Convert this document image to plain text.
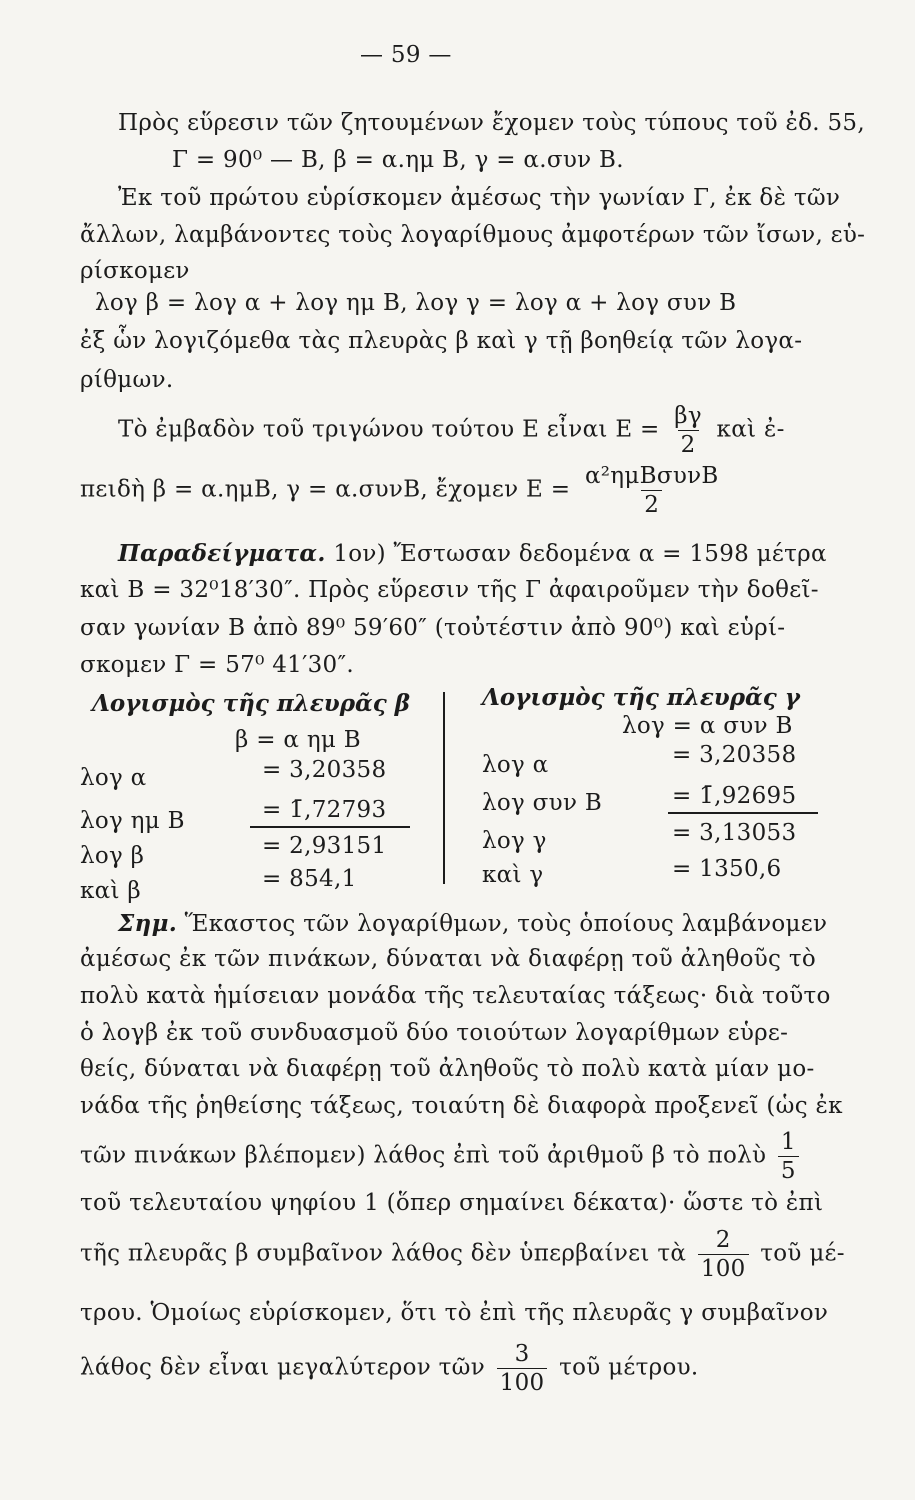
— 59 —
Πρὸς εὕρεσιν τῶν ζητουμένων ἔχομεν τοὺς τύπους τοῦ ἐδ. 55,
Γ = 90⁰ — Β, β = α.ημ Β, γ = α.συν Β.
Ἐκ τοῦ πρώτου εὑρίσκομεν ἀμέσως τὴν γωνίαν Γ, ἐκ δὲ τῶν
ἄλλων, λαμβάνοντες τοὺς λογαρίθμους ἀμφοτέρων τῶν ἴσων, εὑ-
ρίσκομεν
λογ β = λογ α + λογ ημ Β, λογ γ = λογ α + λογ συν Β
ἐξ ὧν λογιζόμεθα τὰς πλευρὰς β καὶ γ τῇ βοηθείᾳ τῶν λογα-
ρίθμων.
Τὸ ἐμβαδὸν τοῦ τριγώνου τούτου Ε εἶναι $E = \frac{\beta\gamma}{2}$ καὶ ἐ-
πειδὴ β = α.ημΒ, γ = α.συνΒ, ἔχομεν $E = \frac{\text{α²ημΒσυνΒ}}{2}$
Παραδείγματα. 1ον) Ἔστωσαν δεδομένα α = 1598 μέτρα
καὶ Β = 32⁰18′30″. Πρὸς εὕρεσιν τῆς Γ ἀφαιροῦμεν τὴν δοθεῖ-
σαν γωνίαν Β ἀπὸ 89⁰ 59′60″ (τοὐτέστιν ἀπὸ 90⁰) καὶ εὑρί-
σκομεν Γ = 57⁰ 41′30″.
Λογισμὸς τῆς πλευρᾶς β
β = α ημ Β
λογ α	= 3,20358
λογ ημ Β	= 1̄,72793
λογ β	= 2,93151
καὶ β	= 854,1
Λογισμὸς τῆς πλευρᾶς γ
λογ = α συν Β
λογ α	= 3,20358
λογ συν Β	= 1̄,92695
λογ γ	= 3,13053
καὶ γ	= 1350,6
Σημ. Ἕκαστος τῶν λογαρίθμων, τοὺς ὁποίους λαμβάνομεν
ἀμέσως ἐκ τῶν πινάκων, δύναται νὰ διαφέρῃ τοῦ ἀληθοῦς τὸ
πολὺ κατὰ ἡμίσειαν μονάδα τῆς τελευταίας τάξεως· διὰ τοῦτο
ὁ λογβ ἐκ τοῦ συνδυασμοῦ δύο τοιούτων λογαρίθμων εὑρε-
θείς, δύναται νὰ διαφέρῃ τοῦ ἀληθοῦς τὸ πολὺ κατὰ μίαν μο-
νάδα τῆς ῥηθείσης τάξεως, τοιαύτη δὲ διαφορὰ προξενεῖ (ὡς ἐκ
τῶν πινάκων βλέπομεν) λάθος ἐπὶ τοῦ ἀριθμοῦ β τὸ πολὺ $\frac{1}{5}$
τοῦ τελευταίου ψηφίου 1 (ὅπερ σημαίνει δέκατα)· ὥστε τὸ ἐπὶ
τῆς πλευρᾶς β συμβαῖνον λάθος δὲν ὑπερβαίνει τὰ $\frac{2}{100}$ τοῦ μέ-
τρου. Ὁμοίως εὑρίσκομεν, ὅτι τὸ ἐπὶ τῆς πλευρᾶς γ συμβαῖνον
λάθος δὲν εἶναι μεγαλύτερον τῶν $\frac{3}{100}$ τοῦ μέτρου.
